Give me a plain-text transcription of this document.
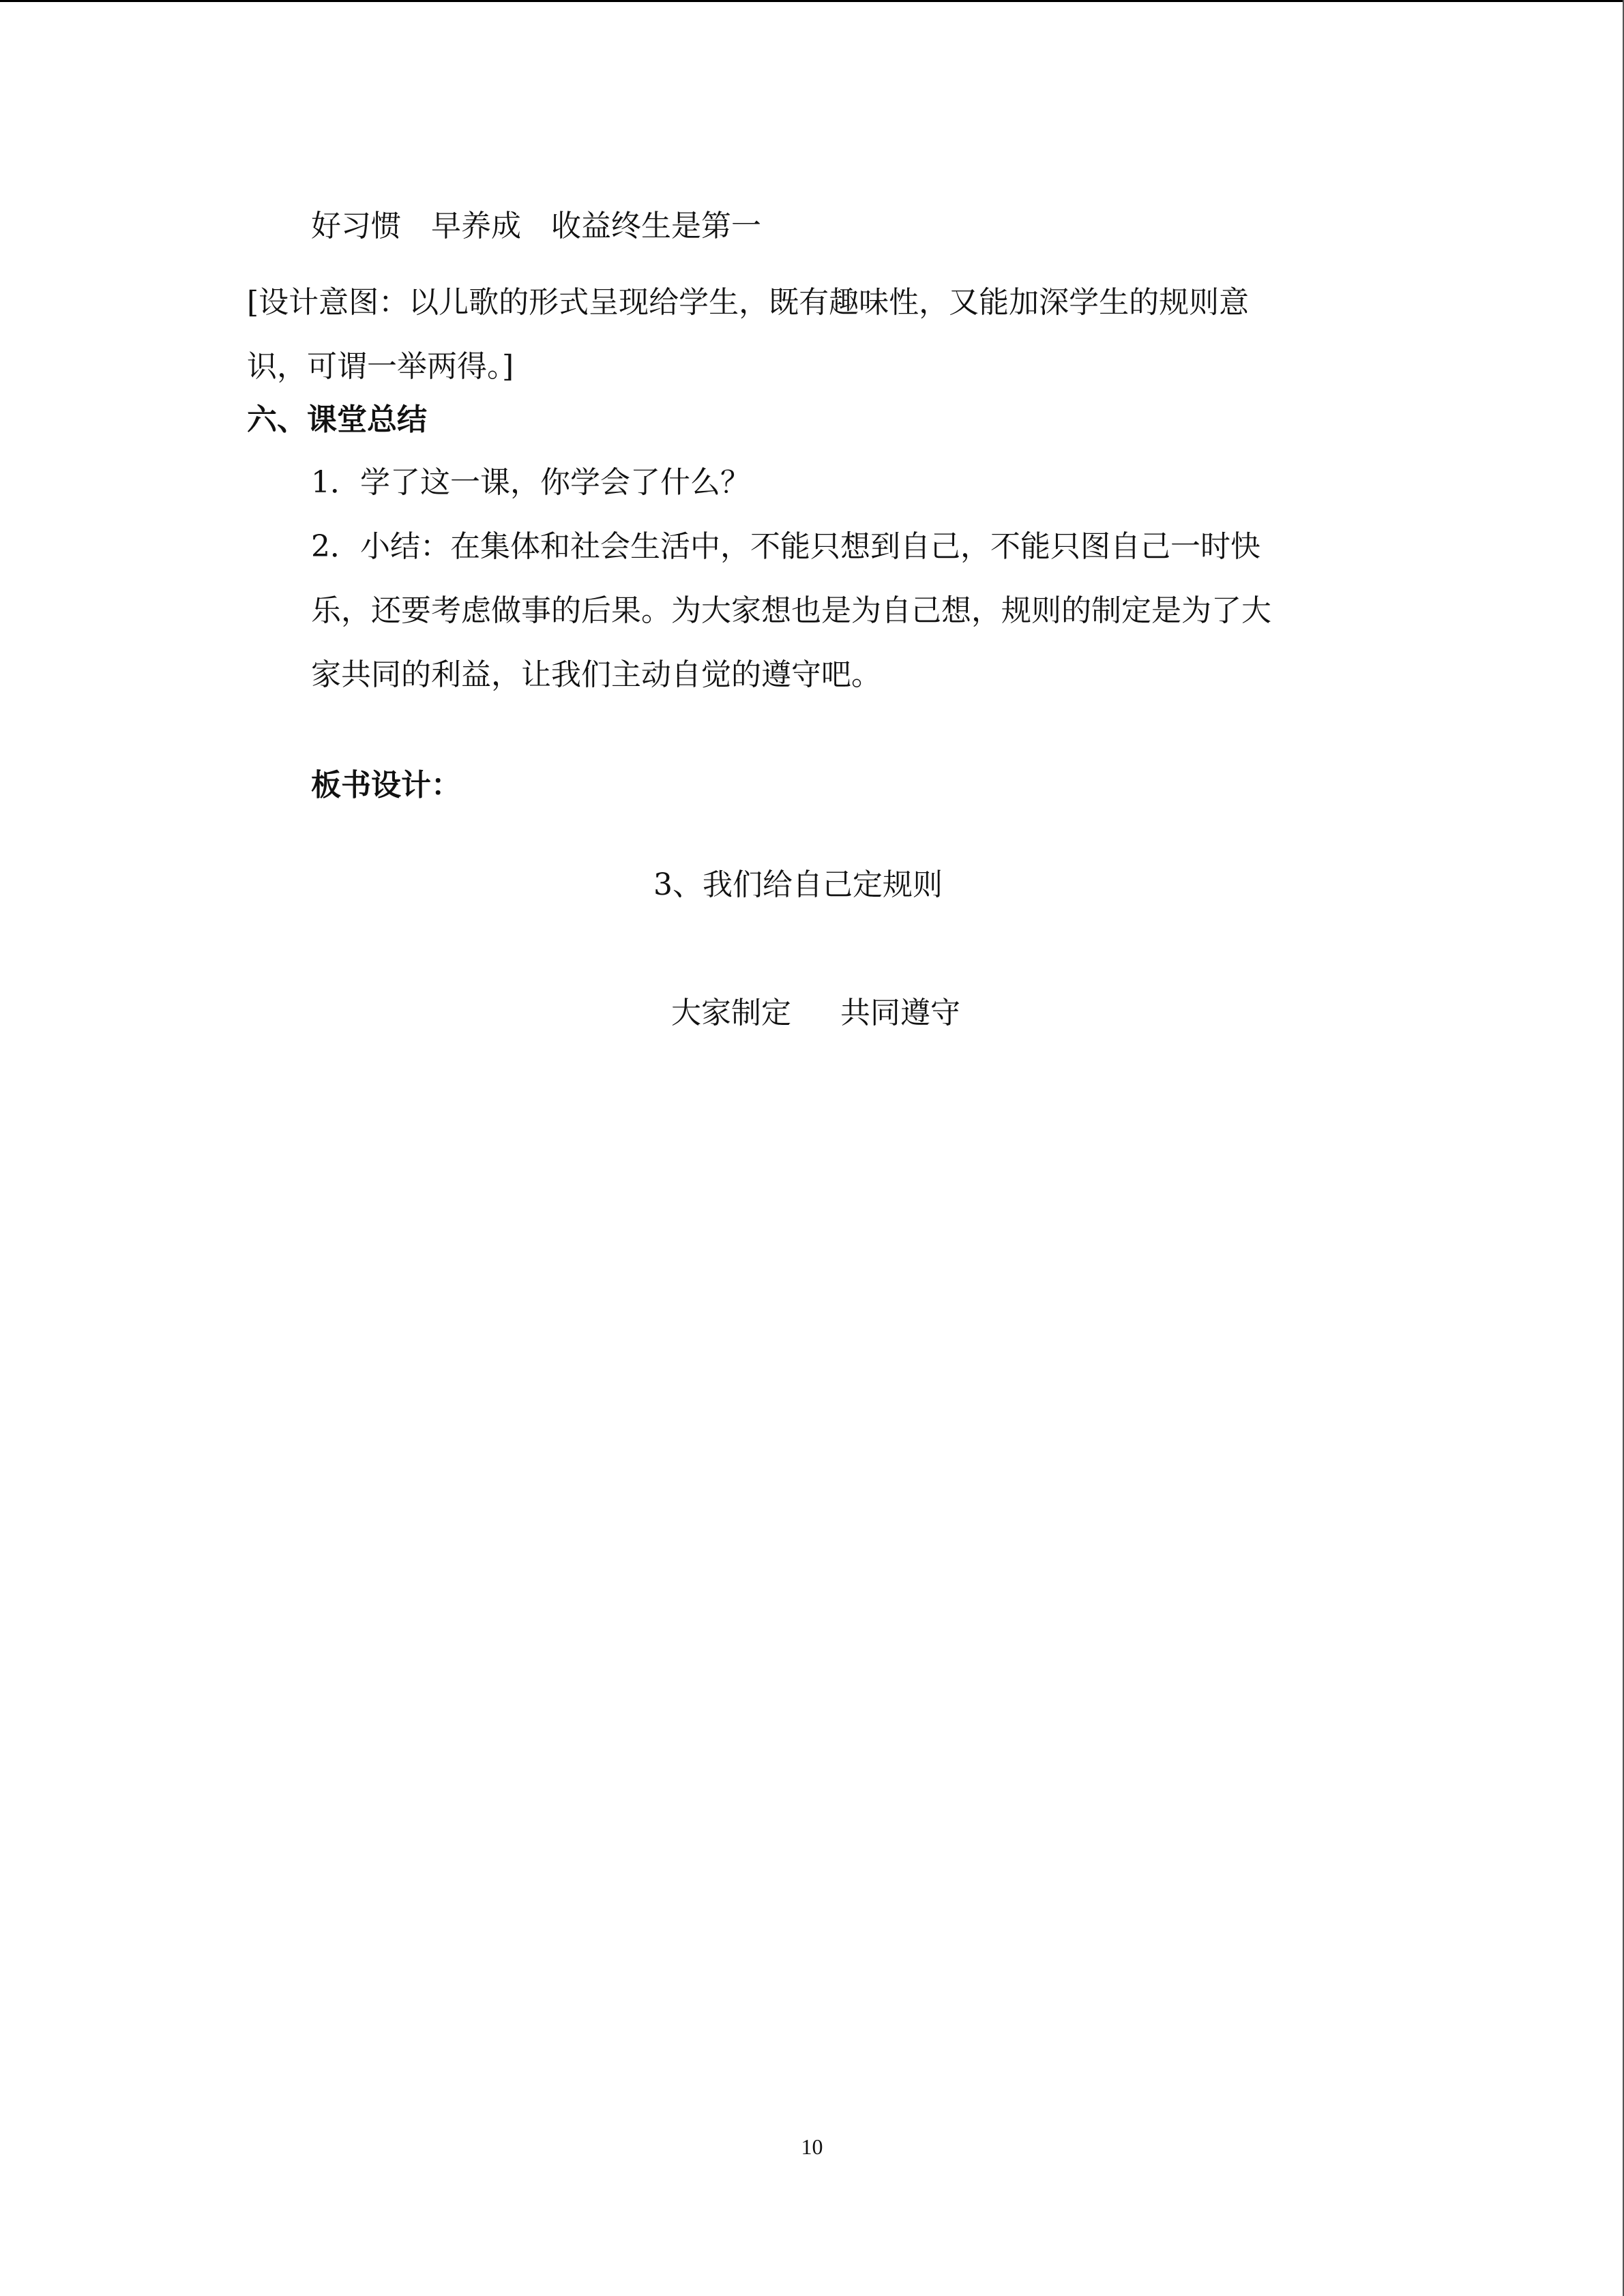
好习惯 早养成 收益终生是第一

[设计意图：以儿歌的形式呈现给学生，既有趣味性，又能加深学生的规则意

识，可谓一举两得。]

六、课堂总结

1．学了这一课，你学会了什么？

2．小结：在集体和社会生活中，不能只想到自己，不能只图自己一时快

乐，还要考虑做事的后果。为大家想也是为自己想，规则的制定是为了大

家共同的利益，让我们主动自觉的遵守吧。

板书设计：

3、我们给自己定规则

大家制定 共同遵守

10
